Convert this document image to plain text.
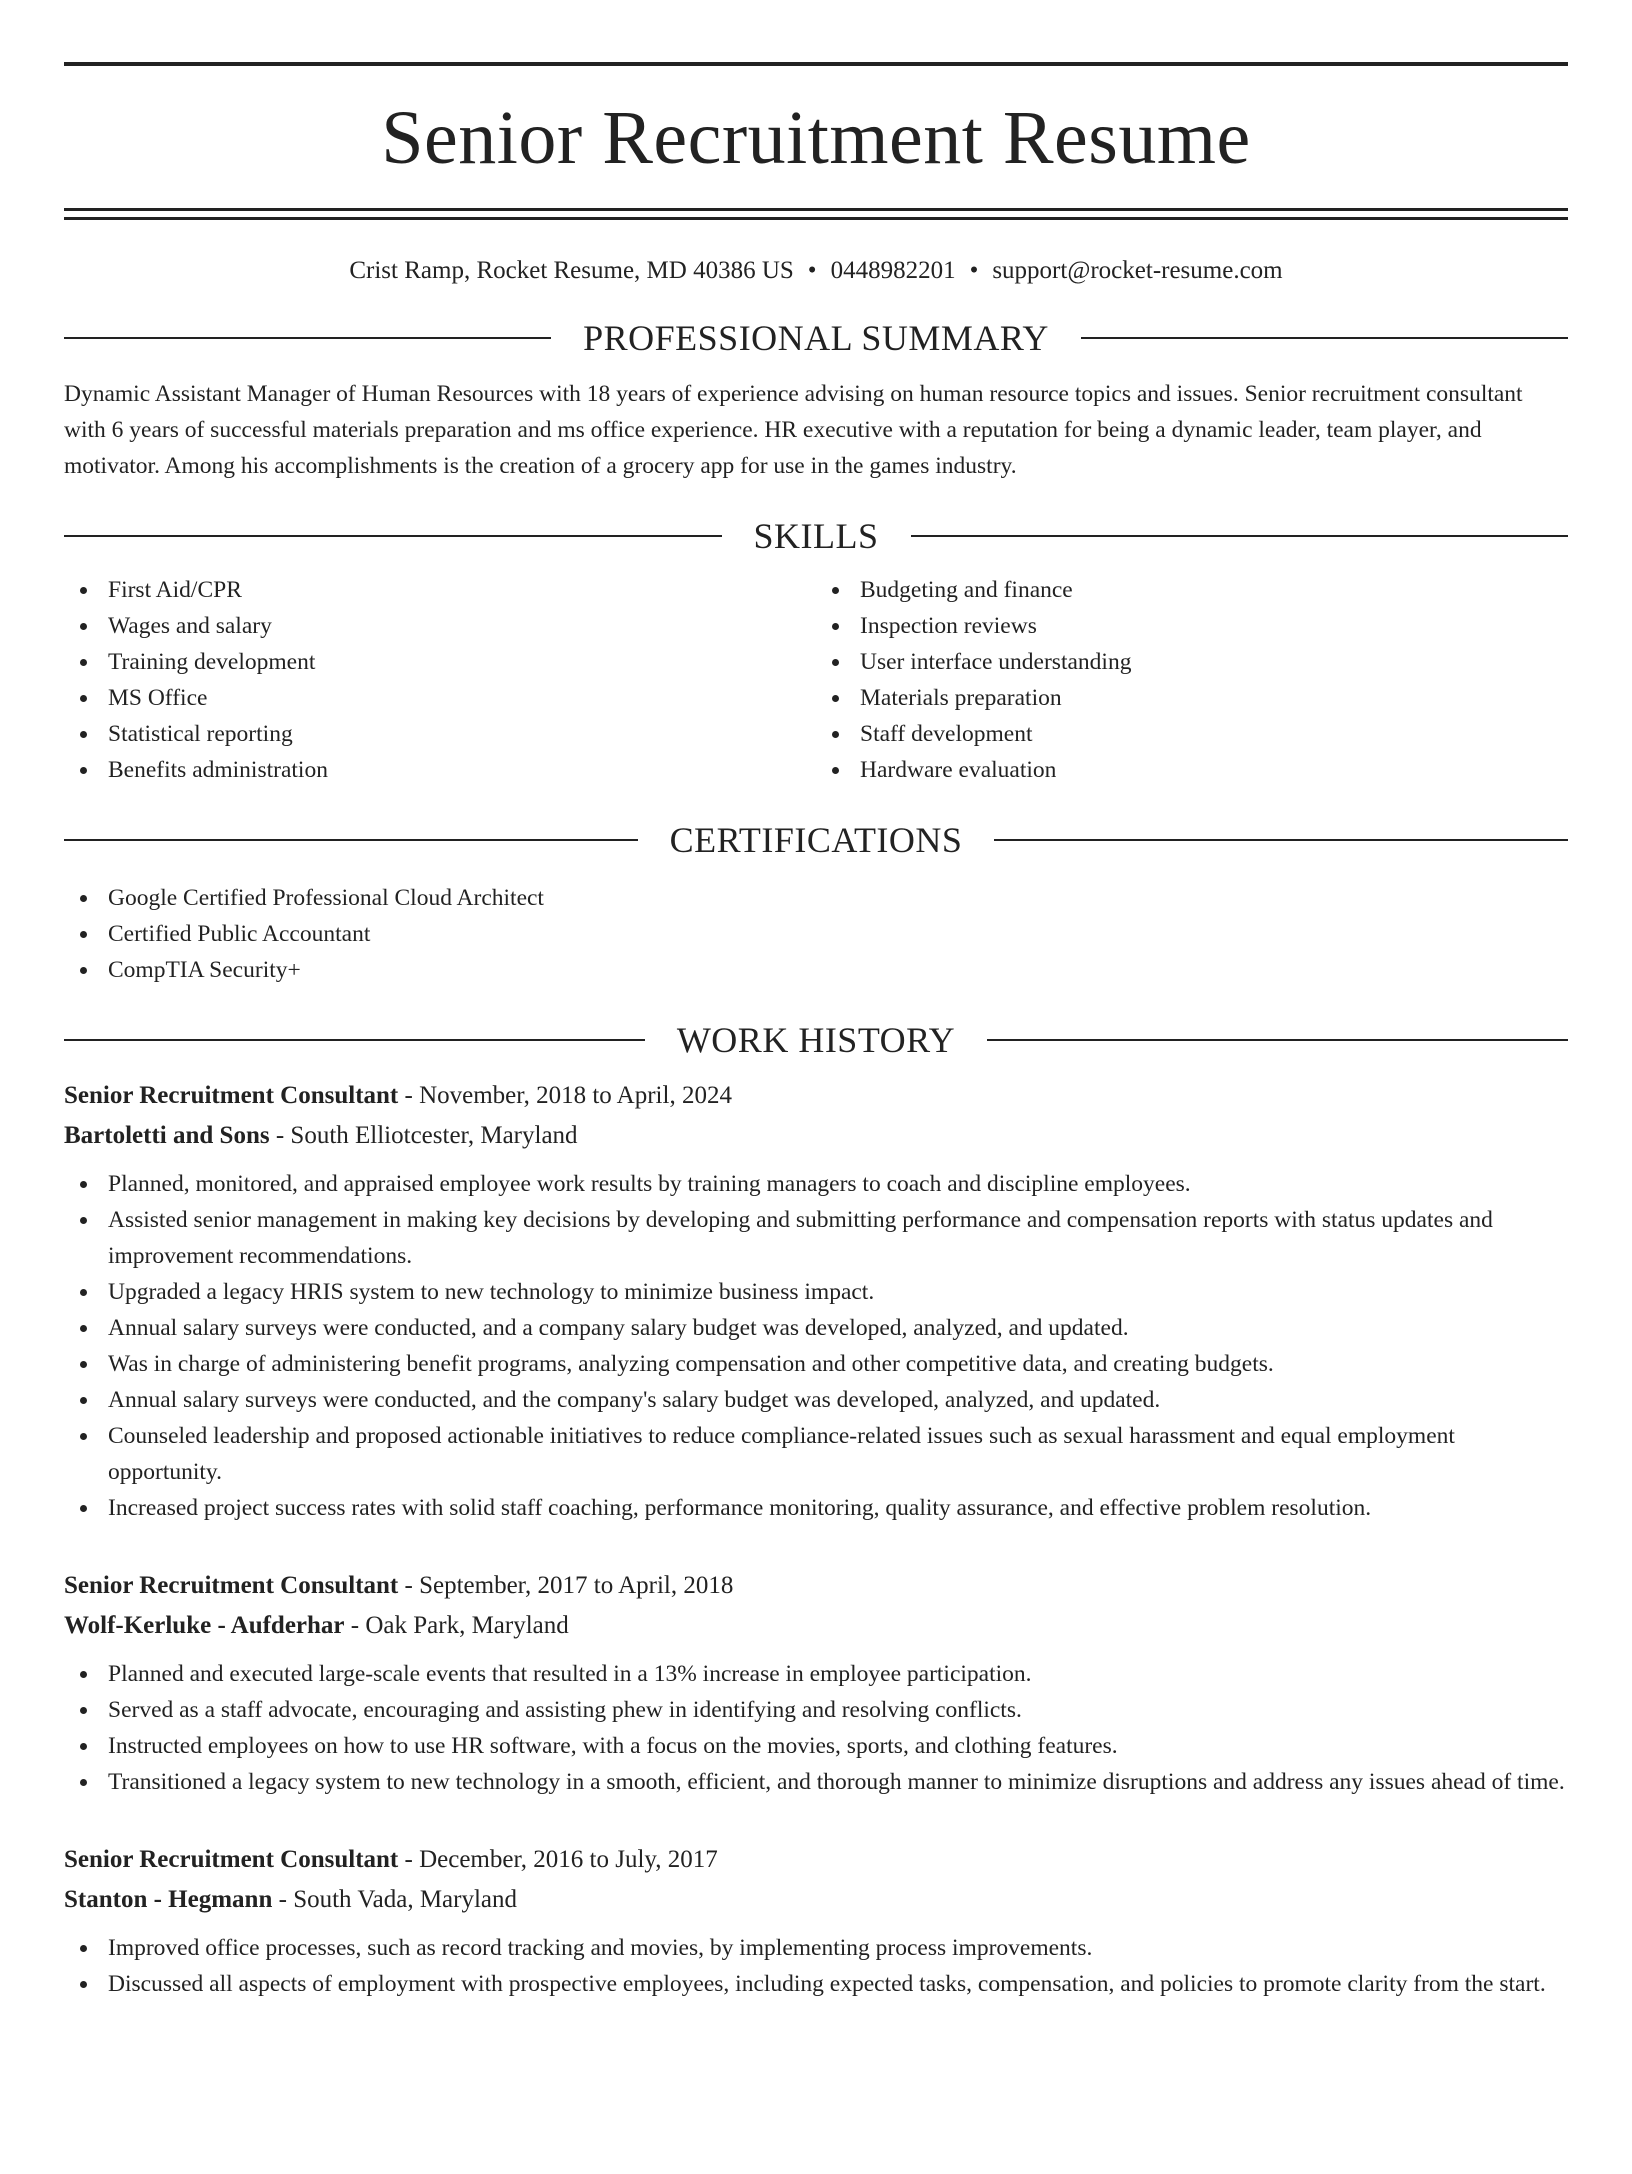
Senior Recruitment Resume
Crist Ramp, Rocket Resume, MD 40386 US • 0448982201 • support@rocket-resume.com
PROFESSIONAL SUMMARY

Dynamic Assistant Manager of Human Resources with 18 years of experience advising on human resource topics and issues. Senior recruitment consultant with 6 years of successful materials preparation and ms office experience. HR executive with a reputation for being a dynamic leader, team player, and motivator. Among his accomplishments is the creation of a grocery app for use in the games industry.

SKILLS
First Aid/CPR
Wages and salary
Training development
MS Office
Statistical reporting
Benefits administration
Budgeting and finance
Inspection reviews
User interface understanding
Materials preparation
Staff development
Hardware evaluation
CERTIFICATIONS
Google Certified Professional Cloud Architect
Certified Public Accountant
CompTIA Security+
WORK HISTORY
Senior Recruitment Consultant - November, 2018 to April, 2024
Bartoletti and Sons - South Elliotcester, Maryland
Planned, monitored, and appraised employee work results by training managers to coach and discipline employees.
Assisted senior management in making key decisions by developing and submitting performance and compensation reports with status updates and improvement recommendations.
Upgraded a legacy HRIS system to new technology to minimize business impact.
Annual salary surveys were conducted, and a company salary budget was developed, analyzed, and updated.
Was in charge of administering benefit programs, analyzing compensation and other competitive data, and creating budgets.
Annual salary surveys were conducted, and the company's salary budget was developed, analyzed, and updated.
Counseled leadership and proposed actionable initiatives to reduce compliance-related issues such as sexual harassment and equal employment opportunity.
Increased project success rates with solid staff coaching, performance monitoring, quality assurance, and effective problem resolution.
Senior Recruitment Consultant - September, 2017 to April, 2018
Wolf-Kerluke - Aufderhar - Oak Park, Maryland
Planned and executed large-scale events that resulted in a 13% increase in employee participation.
Served as a staff advocate, encouraging and assisting phew in identifying and resolving conflicts.
Instructed employees on how to use HR software, with a focus on the movies, sports, and clothing features.
Transitioned a legacy system to new technology in a smooth, efficient, and thorough manner to minimize disruptions and address any issues ahead of time.
Senior Recruitment Consultant - December, 2016 to July, 2017
Stanton - Hegmann - South Vada, Maryland
Improved office processes, such as record tracking and movies, by implementing process improvements.
Discussed all aspects of employment with prospective employees, including expected tasks, compensation, and policies to promote clarity from the start.
